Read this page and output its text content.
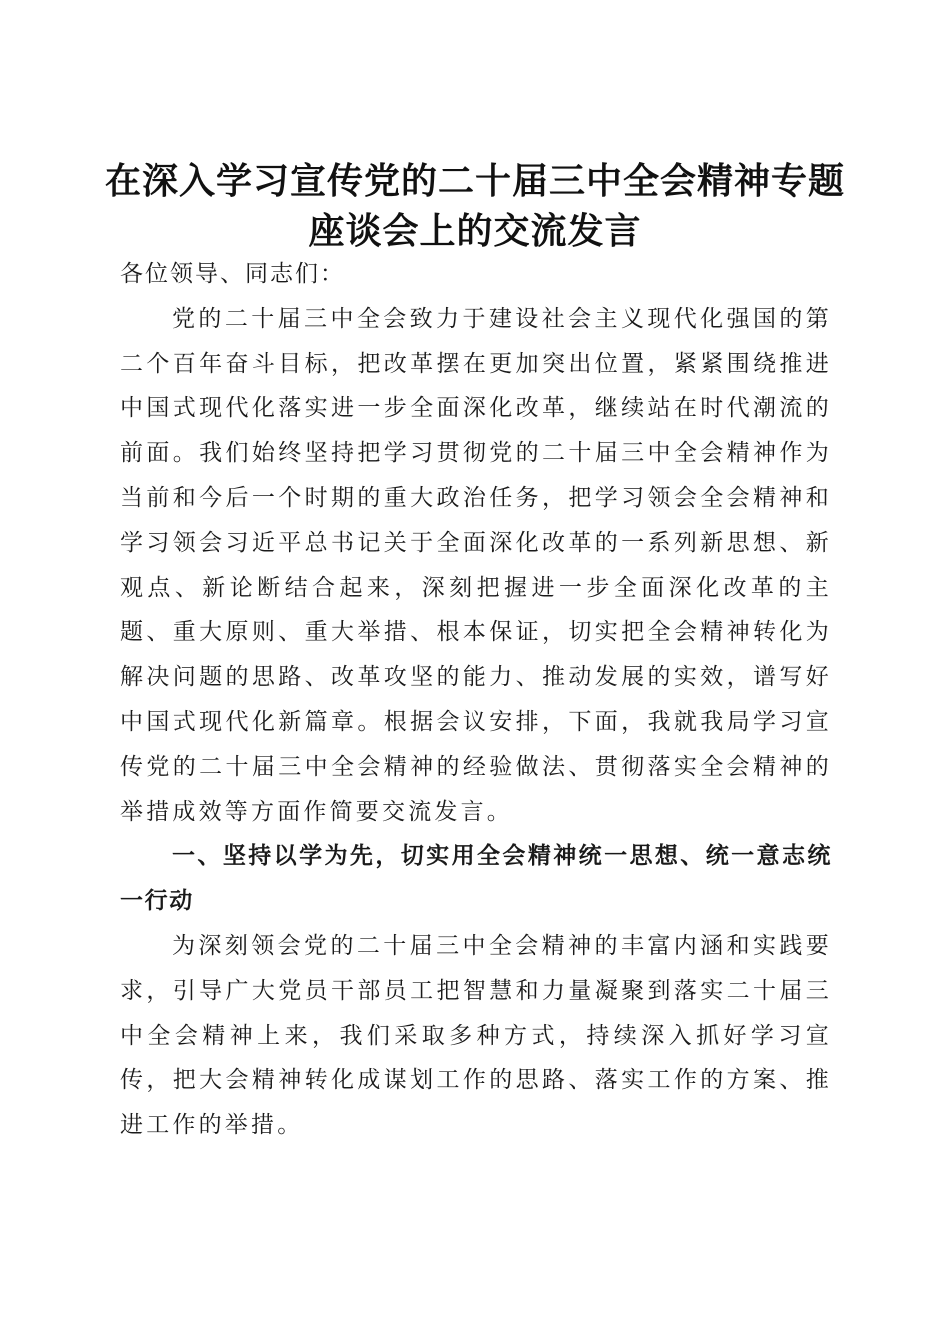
在深入学习宣传党的二十届三中全会精神专题
座谈会上的交流发言

各位领导、同志们：

党的二十届三中全会致力于建设社会主义现代化强国的第二个百年奋斗目标，把改革摆在更加突出位置，紧紧围绕推进中国式现代化落实进一步全面深化改革，继续站在时代潮流的前面。我们始终坚持把学习贯彻党的二十届三中全会精神作为当前和今后一个时期的重大政治任务，把学习领会全会精神和学习领会习近平总书记关于全面深化改革的一系列新思想、新观点、新论断结合起来，深刻把握进一步全面深化改革的主题、重大原则、重大举措、根本保证，切实把全会精神转化为解决问题的思路、改革攻坚的能力、推动发展的实效，谱写好中国式现代化新篇章。根据会议安排，下面，我就我局学习宣传党的二十届三中全会精神的经验做法、贯彻落实全会精神的举措成效等方面作简要交流发言。

一、坚持以学为先，切实用全会精神统一思想、统一意志统一行动

为深刻领会党的二十届三中全会精神的丰富内涵和实践要求，引导广大党员干部员工把智慧和力量凝聚到落实二十届三中全会精神上来，我们采取多种方式，持续深入抓好学习宣传，把大会精神转化成谋划工作的思路、落实工作的方案、推进工作的举措。
